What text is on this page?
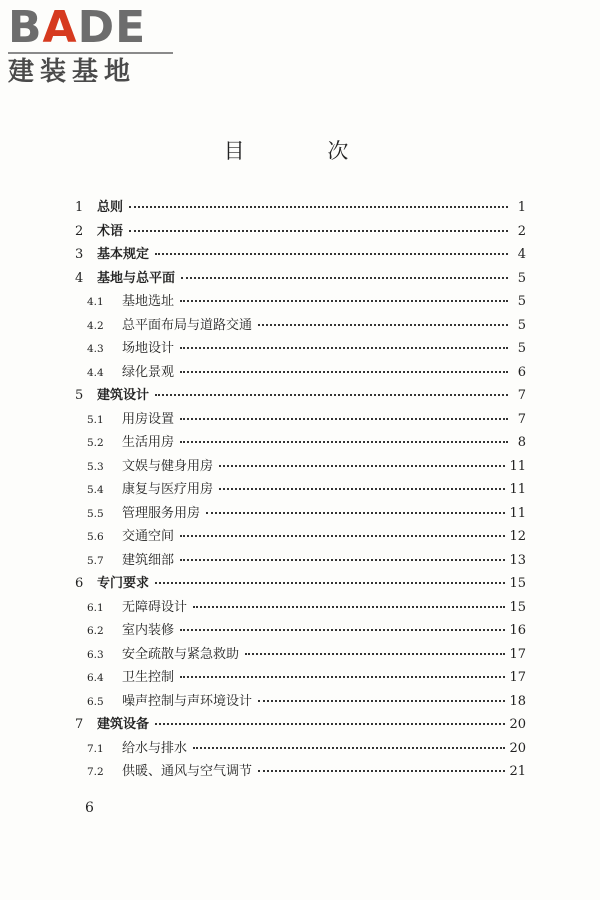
BADE
建装基地
目 次
1	总则	1
2	术语	2
3	基本规定	4
4	基地与总平面	5
4.1	基地选址	5
4.2	总平面布局与道路交通	5
4.3	场地设计	5
4.4	绿化景观	6
5	建筑设计	7
5.1	用房设置	7
5.2	生活用房	8
5.3	文娱与健身用房	11
5.4	康复与医疗用房	11
5.5	管理服务用房	11
5.6	交通空间	12
5.7	建筑细部	13
6	专门要求	15
6.1	无障碍设计	15
6.2	室内装修	16
6.3	安全疏散与紧急救助	17
6.4	卫生控制	17
6.5	噪声控制与声环境设计	18
7	建筑设备	20
7.1	给水与排水	20
7.2	供暖、通风与空气调节	21
6
